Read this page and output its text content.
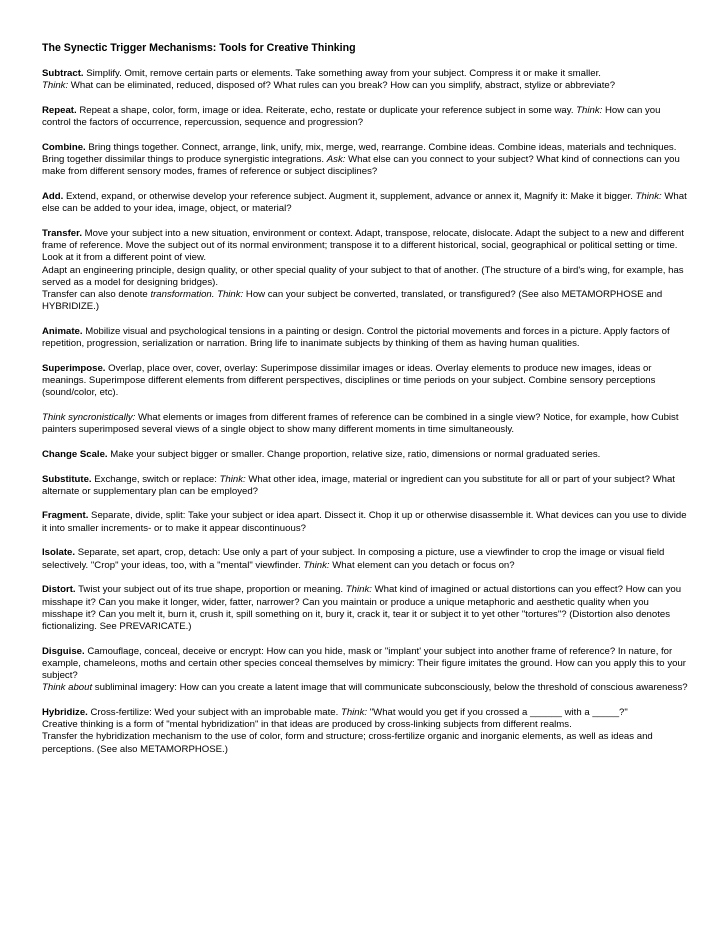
The Synectic Trigger Mechanisms: Tools for Creative Thinking
Subtract. Simplify. Omit, remove certain parts or elements. Take something away from your subject. Compress it or make it smaller.
Think: What can be eliminated, reduced, disposed of? What rules can you break? How can you simplify, abstract, stylize or abbreviate?
Repeat. Repeat a shape, color, form, image or idea. Reiterate, echo, restate or duplicate your reference subject in some way. Think: How can you control the factors of occurrence, repercussion, sequence and progression?
Combine. Bring things together. Connect, arrange, link, unify, mix, merge, wed, rearrange. Combine ideas. Combine ideas, materials and techniques. Bring together dissimilar things to produce synergistic integrations. Ask: What else can you connect to your subject? What kind of connections can you make from different sensory modes, frames of reference or subject disciplines?
Add. Extend, expand, or otherwise develop your reference subject. Augment it, supplement, advance or annex it, Magnify it: Make it bigger. Think: What else can be added to your idea, image, object, or material?
Transfer. Move your subject into a new situation, environment or context. Adapt, transpose, relocate, dislocate. Adapt the subject to a new and different frame of reference. Move the subject out of its normal environment; transpose it to a different historical, social, geographical or political setting or time. Look at it from a different point of view.
Adapt an engineering principle, design quality, or other special quality of your subject to that of another. (The structure of a bird's wing, for example, has served as a model for designing bridges).
Transfer can also denote transformation. Think: How can your subject be converted, translated, or transfigured? (See also METAMORPHOSE and HYBRIDIZE.)
Animate. Mobilize visual and psychological tensions in a painting or design. Control the pictorial movements and forces in a picture. Apply factors of repetition, progression, serialization or narration. Bring life to inanimate subjects by thinking of them as having human qualities.
Superimpose. Overlap, place over, cover, overlay: Superimpose dissimilar images or ideas. Overlay elements to produce new images, ideas or meanings. Superimpose different elements from different perspectives, disciplines or time periods on your subject. Combine sensory perceptions (sound/color, etc).
Think syncronistically: What elements or images from different frames of reference can be combined in a single view? Notice, for example, how Cubist painters superimposed several views of a single object to show many different moments in time simultaneously.
Change Scale. Make your subject bigger or smaller. Change proportion, relative size, ratio, dimensions or normal graduated series.
Substitute. Exchange, switch or replace: Think: What other idea, image, material or ingredient can you substitute for all or part of your subject? What alternate or supplementary plan can be employed?
Fragment. Separate, divide, split: Take your subject or idea apart. Dissect it. Chop it up or otherwise disassemble it. What devices can you use to divide it into smaller increments- or to make it appear discontinuous?
Isolate. Separate, set apart, crop, detach: Use only a part of your subject. In composing a picture, use a viewfinder to crop the image or visual field selectively. "Crop" your ideas, too, with a "mental" viewfinder. Think: What element can you detach or focus on?
Distort. Twist your subject out of its true shape, proportion or meaning. Think: What kind of imagined or actual distortions can you effect? How can you misshape it? Can you make it longer, wider, fatter, narrower? Can you maintain or produce a unique metaphoric and aesthetic quality when you misshape it? Can you melt it, burn it, crush it, spill something on it, bury it, crack it, tear it or subject it to yet other "tortures"? (Distortion also denotes fictionalizing. See PREVARICATE.)
Disguise. Camouflage, conceal, deceive or encrypt: How can you hide, mask or "implant' your subject into another frame of reference? In nature, for example, chameleons, moths and certain other species conceal themselves by mimicry: Their figure imitates the ground. How can you apply this to your subject?
Think about subliminal imagery: How can you create a latent image that will communicate subconsciously, below the threshold of conscious awareness?
Hybridize. Cross-fertilize: Wed your subject with an improbable mate. Think: "What would you get if you crossed a ______ with a _____?"
Creative thinking is a form of "mental hybridization" in that ideas are produced by cross-linking subjects from different realms.
Transfer the hybridization mechanism to the use of color, form and structure; cross-fertilize organic and inorganic elements, as well as ideas and perceptions. (See also METAMORPHOSE.)
